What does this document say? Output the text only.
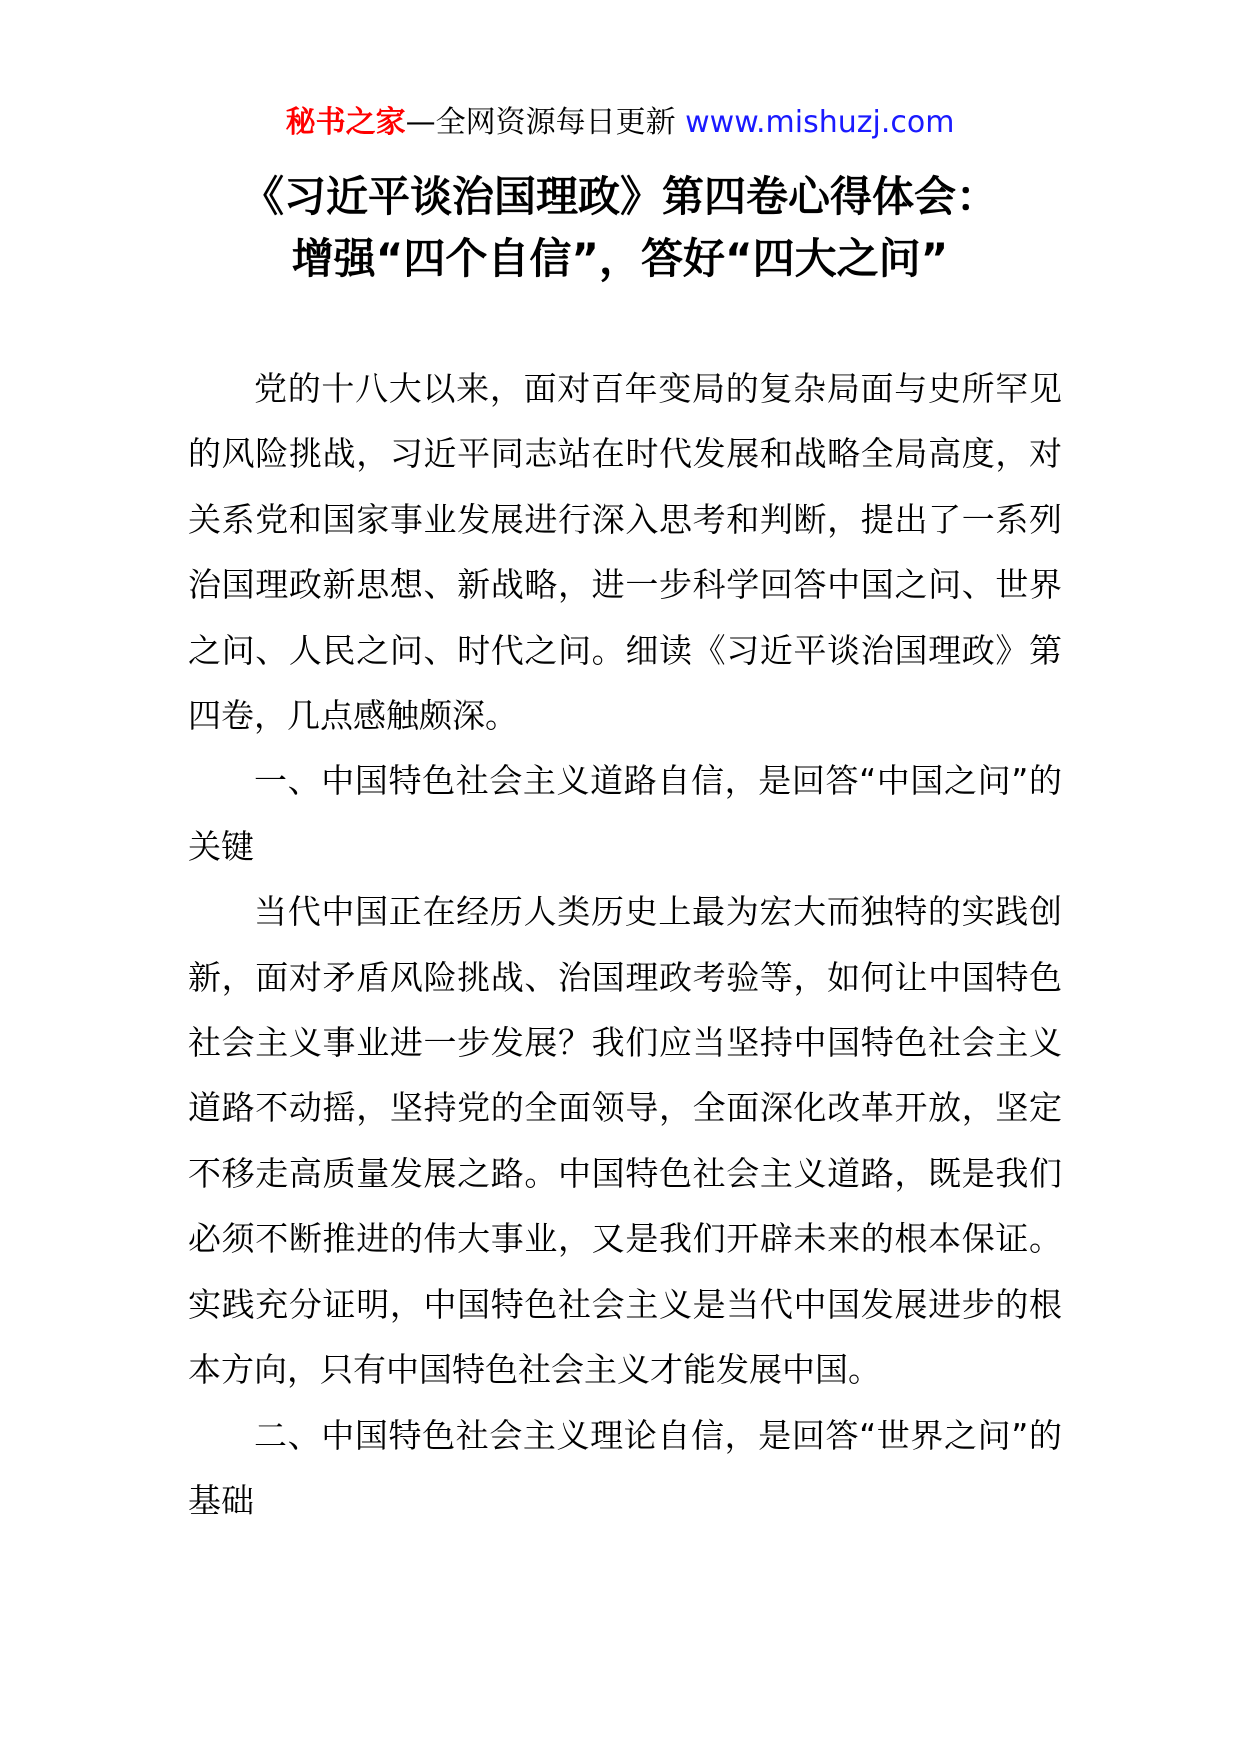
秘书之家—全网资源每日更新 www.mishuzj.com
《习近平谈治国理政》第四卷心得体会：
增强“四个自信”，答好“四大之问”

党的十八大以来，面对百年变局的复杂局面与史所罕见的风险挑战，习近平同志站在时代发展和战略全局高度，对关系党和国家事业发展进行深入思考和判断，提出了一系列治国理政新思想、新战略，进一步科学回答中国之问、世界之问、人民之问、时代之问。细读《习近平谈治国理政》第四卷，几点感触颇深。

一、中国特色社会主义道路自信，是回答“中国之问”的关键

当代中国正在经历人类历史上最为宏大而独特的实践创新，面对矛盾风险挑战、治国理政考验等，如何让中国特色社会主义事业进一步发展？我们应当坚持中国特色社会主义道路不动摇，坚持党的全面领导，全面深化改革开放，坚定不移走高质量发展之路。中国特色社会主义道路，既是我们必须不断推进的伟大事业，又是我们开辟未来的根本保证。实践充分证明，中国特色社会主义是当代中国发展进步的根本方向，只有中国特色社会主义才能发展中国。

二、中国特色社会主义理论自信，是回答“世界之问”的基础
